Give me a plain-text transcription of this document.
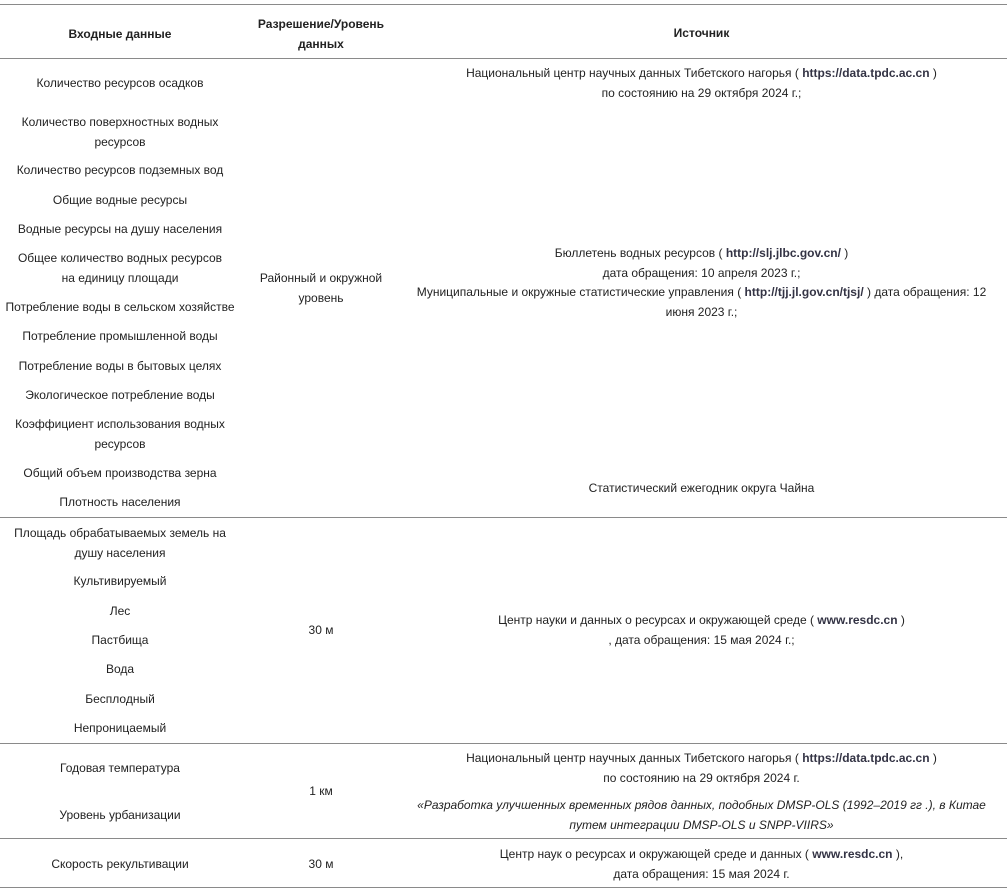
Входные данные
Разрешение/Уровень данных
Источник
Количество ресурсов осадков
Количество поверхностных водных ресурсов
Количество ресурсов подземных вод
Общие водные ресурсы
Водные ресурсы на душу населения
Общее количество водных ресурсов на единицу площади
Потребление воды в сельском хозяйстве
Потребление промышленной воды
Потребление воды в бытовых целях
Экологическое потребление воды
Коэффициент использования водных ресурсов
Общий объем производства зерна
Плотность населения
Районный и окружной уровень
Национальный центр научных данных Тибетского нагорья ( https://data.tpdc.ac.cn )
по состоянию на 29 октября 2024 г.;
Бюллетень водных ресурсов ( http://slj.jlbc.gov.cn/ )
дата обращения: 10 апреля 2023 г.;
Муниципальные и окружные статистические управления ( http://tjj.jl.gov.cn/tjsj/ ) дата обращения: 12
июня 2023 г.;
Статистический ежегодник округа Чайна
Площадь обрабатываемых земель на душу населения
Культивируемый
Лес
Пастбища
Вода
Бесплодный
Непроницаемый
30 м
Центр науки и данных о ресурсах и окружающей среде ( www.resdc.cn )
, дата обращения: 15 мая 2024 г.;
Годовая температура
Уровень урбанизации
1 км
Национальный центр научных данных Тибетского нагорья ( https://data.tpdc.ac.cn )
по состоянию на 29 октября 2024 г.
«Разработка улучшенных временных рядов данных, подобных DMSP-OLS (1992–2019 гг .), в Китае
путем интеграции DMSP-OLS и SNPP-VIIRS»
Скорость рекультивации	30 м
Центр наук о ресурсах и окружающей среде и данных ( www.resdc.cn ),
дата обращения: 15 мая 2024 г.
